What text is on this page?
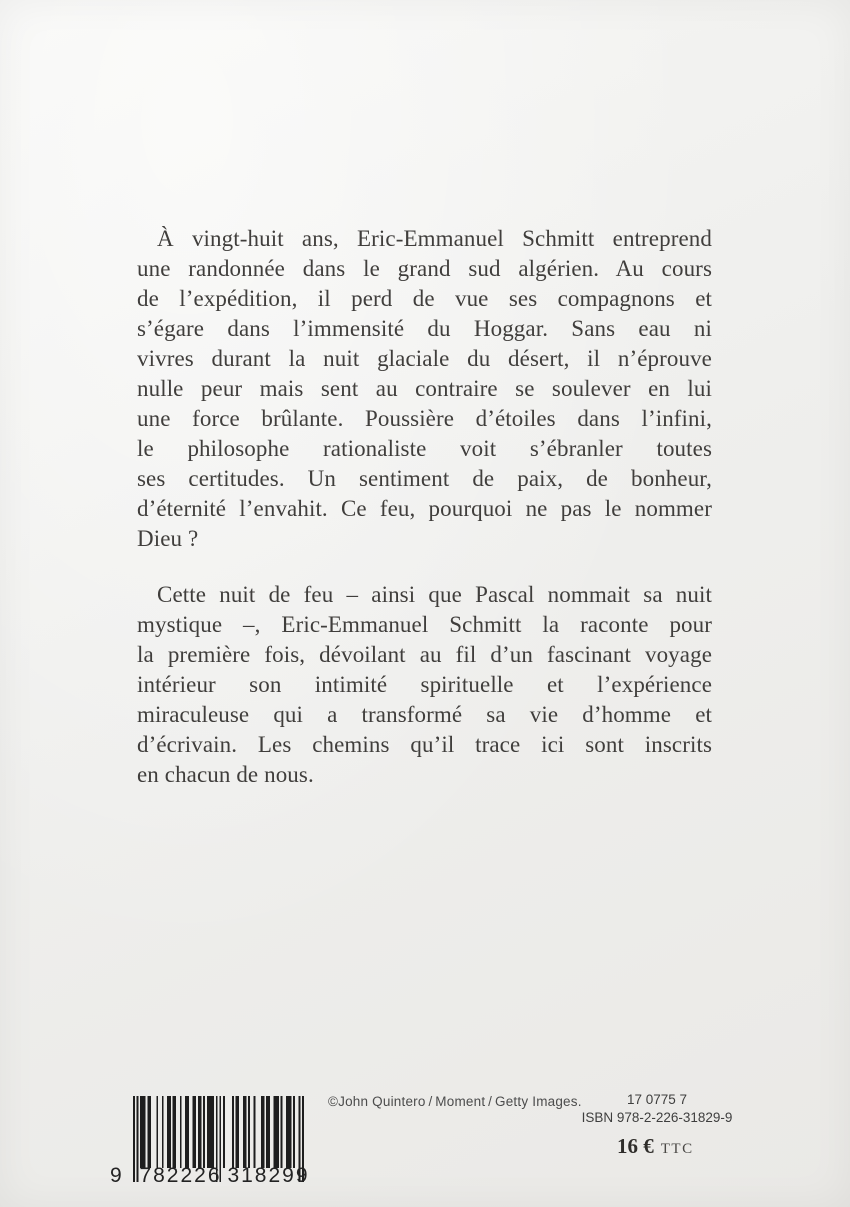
À vingt-huit ans, Eric-Emmanuel Schmitt entreprend
une randonnée dans le grand sud algérien. Au cours
de l’expédition, il perd de vue ses compagnons et
s’égare dans l’immensité du Hoggar. Sans eau ni
vivres durant la nuit glaciale du désert, il n’éprouve
nulle peur mais sent au contraire se soulever en lui
une force brûlante. Poussière d’étoiles dans l’infini,
le philosophe rationaliste voit s’ébranler toutes
ses certitudes. Un sentiment de paix, de bonheur,
d’éternité l’envahit. Ce feu, pourquoi ne pas le nommer
Dieu ?
Cette nuit de feu – ainsi que Pascal nommait sa nuit
mystique –, Eric-Emmanuel Schmitt la raconte pour
la première fois, dévoilant au fil d’un fascinant voyage
intérieur son intimité spirituelle et l’expérience
miraculeuse qui a transformé sa vie d’homme et
d’écrivain. Les chemins qu’il trace ici sont inscrits
en chacun de nous.
9 782226 318299
©John Quintero / Moment / Getty Images.	17 0775 7
ISBN 978-2-226-31829-9
16 € TTC
